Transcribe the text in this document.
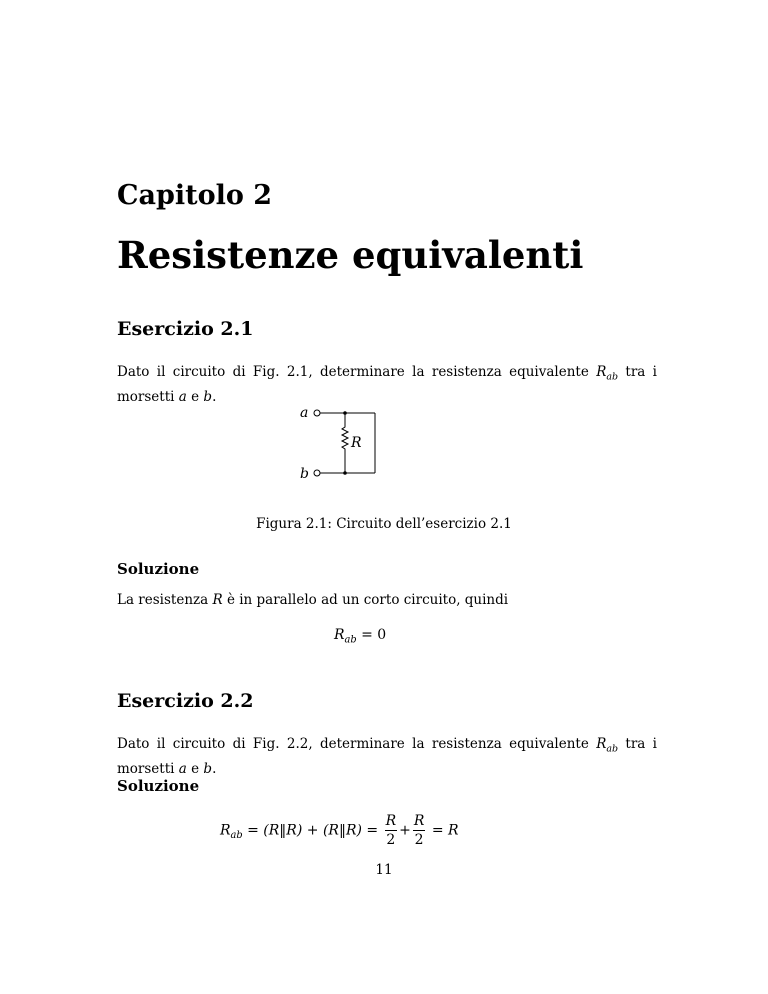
Capitolo 2
Resistenze equivalenti
Esercizio 2.1
Dato il circuito di Fig. 2.1, determinare la resistenza equivalente $R_{ab}$ tra i
morsetti a e b.
a
R
b
Figura 2.1: Circuito dell’esercizio 2.1
Soluzione
La resistenza R è in parallelo ad un corto circuito, quindi
$R_{ab} = 0$
Esercizio 2.2
Dato il circuito di Fig. 2.2, determinare la resistenza equivalente $R_{ab}$ tra i
morsetti a e b.
Soluzione
$R_{ab}$ = (R‖R) + (R‖R) = $\frac{R}{2} + \frac{R}{2} = R$
11
